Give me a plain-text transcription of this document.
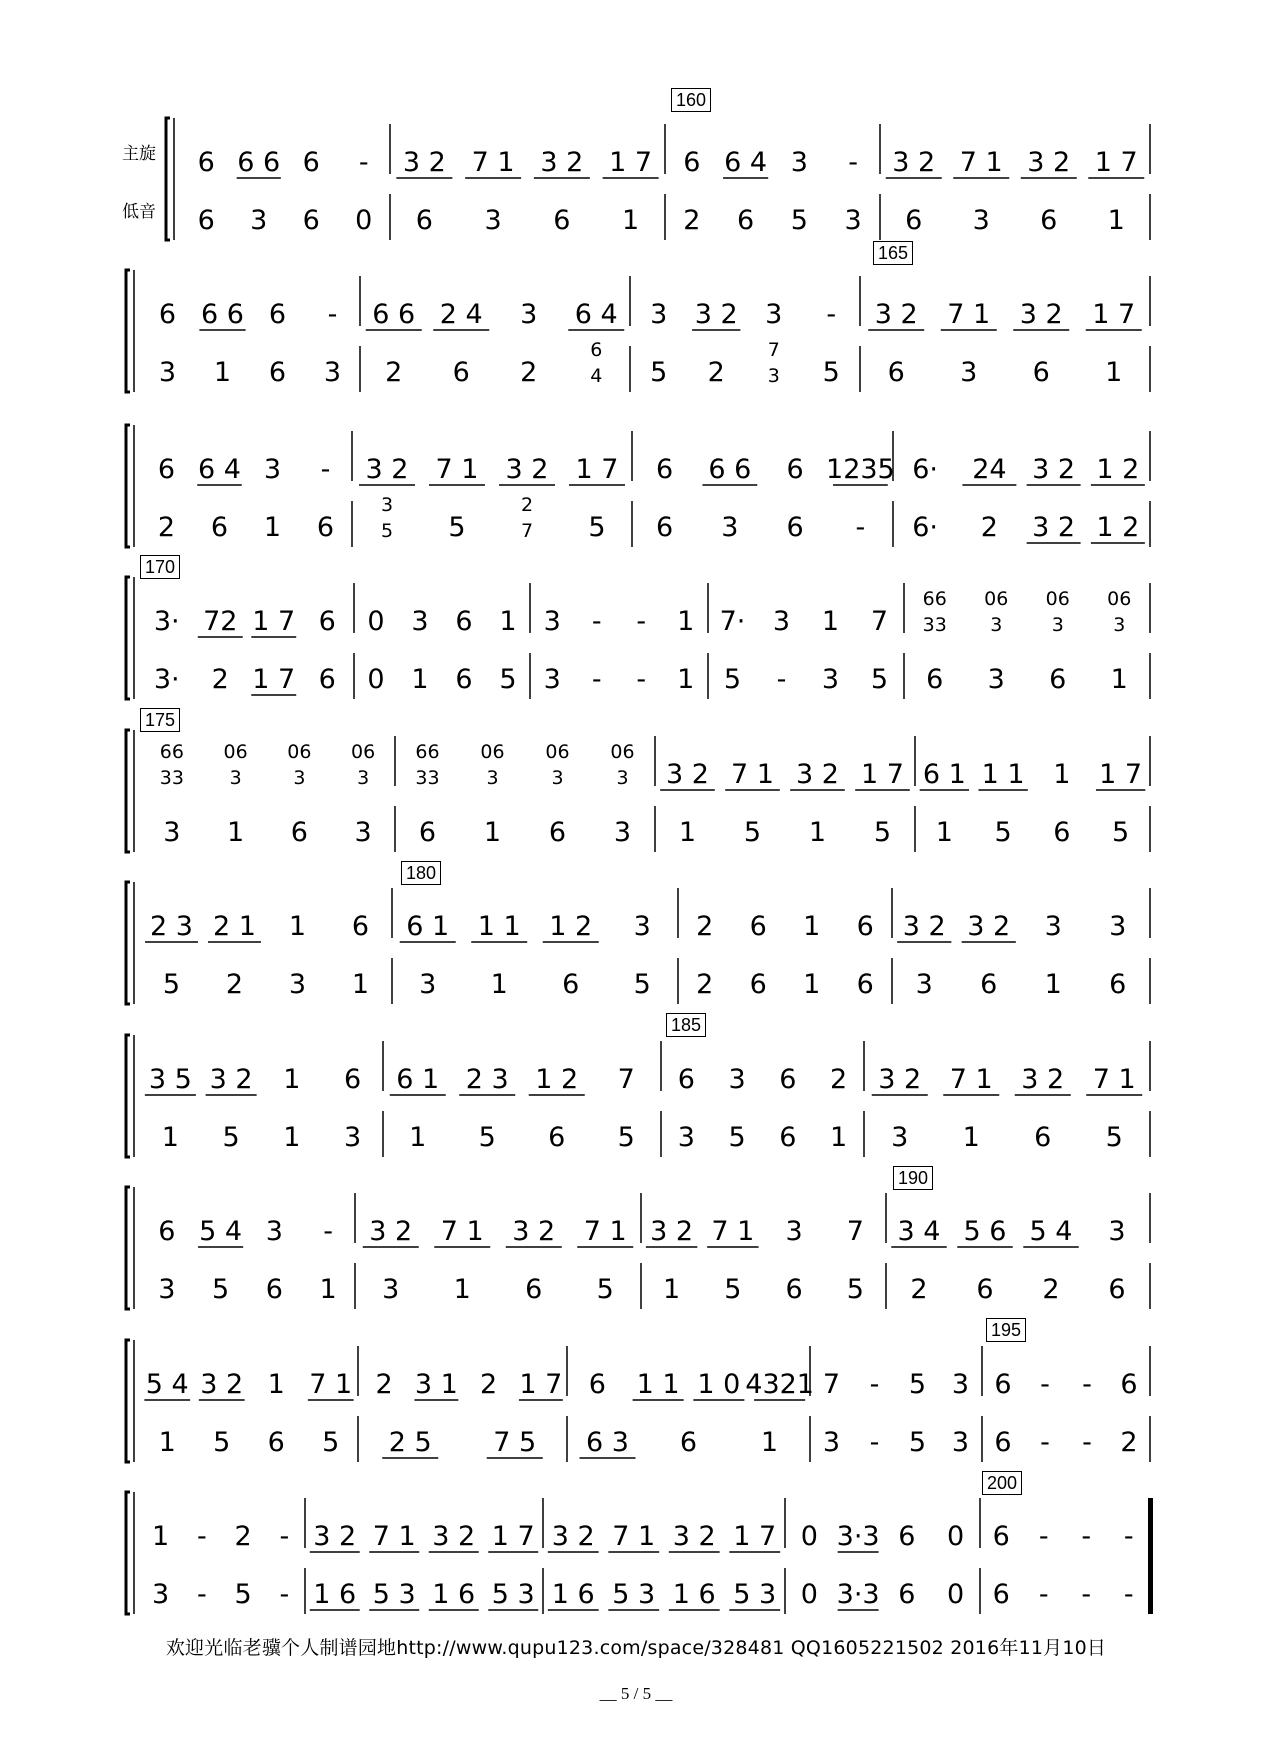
主旋
低音
160
165
170
175
180
185
190
195
200
6 6 6 6 - 3 2 7 1 3 2 1 7 6 6 4 3 - 3 2 7 1 3 2 1 7
6 3 6 0 6 3 6 1 2 6 5 3 6 3 6 1
6 6 6 6 - 6 6 2 4 3 6 4 3 3 2 3 - 3 2 7 1 3 2 1 7
3 1 6 3 2 6 2
6
4 5 2
7
3 5 6 3 6 1
6 6 4 3 - 3 2 7 1 3 2 1 7 6 6 6 6 1235 6· 24 3 2 1 2
2 6 1 6
3
5 5
2
7 5 6 3 6 - 6· 2 3 2 1 2
3· 72 1 7 6 0 3 6 1 3 - - 1 7· 3 1 7
66
33
06
3
06
3
06
3
3· 2 1 7 6 0 1 6 5 3 - - 1 5 - 3 5 6 3 6 1
66
33
06
3
06
3
06
3
66
33
06
3
06
3
06
3 3 2 7 1 3 2 1 7 6 1 1 1 1 1 7
3 1 6 3 6 1 6 3 1 5 1 5 1 5 6 5
2 3 2 1 1 6 6 1 1 1 1 2 3 2 6 1 6 3 2 3 2 3 3
5 2 3 1 3 1 6 5 2 6 1 6 3 6 1 6
3 5 3 2 1 6 6 1 2 3 1 2 7 6 3 6 2 3 2 7 1 3 2 7 1
1 5 1 3 1 5 6 5 3 5 6 1 3 1 6 5
6 5 4 3 - 3 2 7 1 3 2 7 1 3 2 7 1 3 7 3 4 5 6 5 4 3
3 5 6 1 3 1 6 5 1 5 6 5 2 6 2 6
5 4 3 2 1 7 1 2 3 1 2 1 7 6 1 1 1 0 4321 7 - 5 3 6 - - 6
1 5 6 5 2 5 7 5 6 3 6 1 3 - 5 3 6 - - 2
1 - 2 - 3 2 7 1 3 2 1 7 3 2 7 1 3 2 1 7 0 3·3 6 0 6 - - -
3 - 5 - 1 6 5 3 1 6 5 3 1 6 5 3 1 6 5 3 0 3·3 6 0 6 - - -
欢迎光临老骥个人制谱园地http://www.qupu123.com/space/328481 QQ1605221502 2016年11月10日
__ 5 / 5 __
